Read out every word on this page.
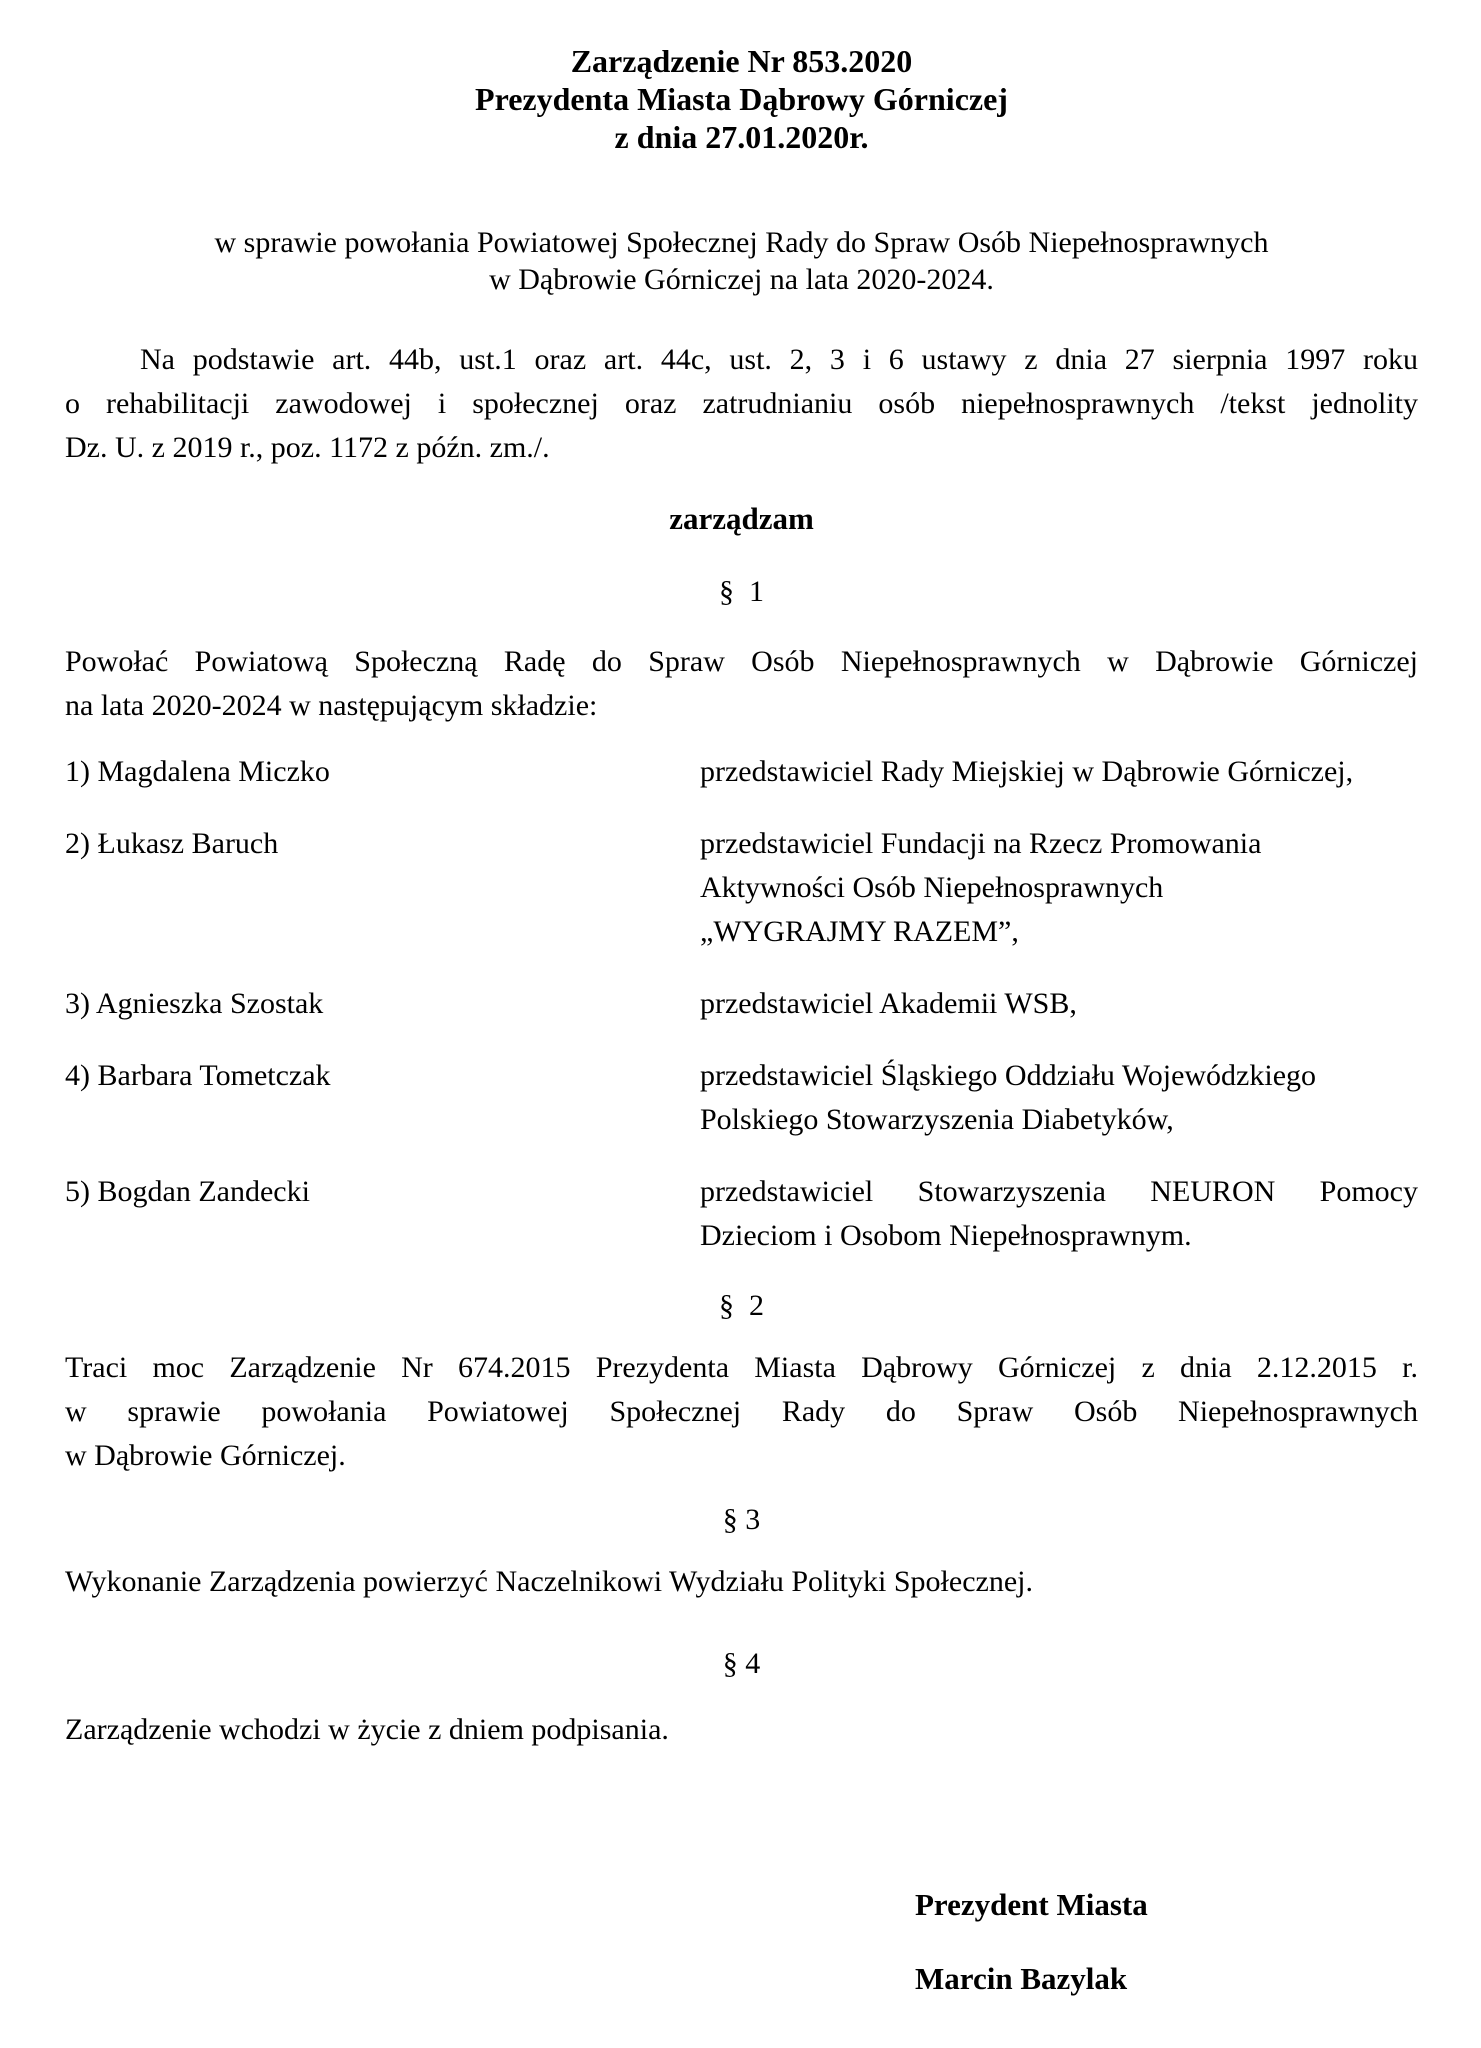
Zarządzenie Nr 853.2020
Prezydenta Miasta Dąbrowy Górniczej
z dnia 27.01.2020r.
w sprawie powołania Powiatowej Społecznej Rady do Spraw Osób Niepełnosprawnych
w Dąbrowie Górniczej na lata 2020-2024.
Na podstawie art. 44b, ust.1 oraz art. 44c, ust. 2, 3 i 6 ustawy z dnia 27 sierpnia 1997 roku
o rehabilitacji zawodowej i społecznej oraz zatrudnianiu osób niepełnosprawnych /tekst jednolity
Dz. U. z 2019 r., poz. 1172 z późn. zm./.
zarządzam
§  1
Powołać Powiatową Społeczną Radę do Spraw Osób Niepełnosprawnych w Dąbrowie Górniczej
na lata 2020-2024 w następującym składzie:
1) Magdalena Miczko	przedstawiciel Rady Miejskiej w Dąbrowie Górniczej,
2) Łukasz Baruch	przedstawiciel Fundacji na Rzecz Promowania
Aktywności Osób Niepełnosprawnych
„WYGRAJMY RAZEM”,
3) Agnieszka Szostak	przedstawiciel Akademii WSB,
4) Barbara Tometczak	przedstawiciel Śląskiego Oddziału Wojewódzkiego
Polskiego Stowarzyszenia Diabetyków,
5) Bogdan Zandecki	przedstawiciel Stowarzyszenia NEURON Pomocy
Dzieciom i Osobom Niepełnosprawnym.
§  2
Traci moc Zarządzenie Nr 674.2015 Prezydenta Miasta Dąbrowy Górniczej z dnia 2.12.2015 r.
w sprawie powołania Powiatowej Społecznej Rady do Spraw Osób Niepełnosprawnych
w Dąbrowie Górniczej.
§ 3
Wykonanie Zarządzenia powierzyć Naczelnikowi Wydziału Polityki Społecznej.
§ 4
Zarządzenie wchodzi w życie z dniem podpisania.
Prezydent Miasta
Marcin Bazylak
